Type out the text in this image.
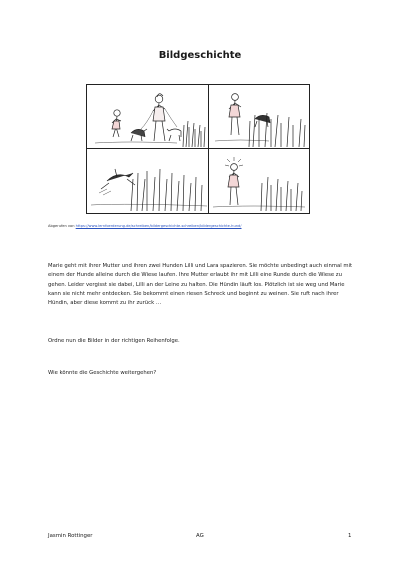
Bildgeschichte
Abgerufen von https://www.lernfoerderung.de/schreiben/bildergeschichte-schreiben/bildergeschichte-hund/

Marie geht mit ihrer Mutter und ihren zwei Hunden Lilli und Lara spazieren. Sie möchte unbedingt auch einmal mit einem der Hunde alleine durch die Wiese laufen. Ihre Mutter erlaubt ihr mit Lilli eine Runde durch die Wiese zu gehen. Leider vergisst sie dabei, Lilli an der Leine zu halten. Die Hündin läuft los. Plötzlich ist sie weg und Marie kann sie nicht mehr entdecken. Sie bekommt einen riesen Schreck und beginnt zu weinen. Sie ruft nach ihrer Hündin, aber diese kommt zu ihr zurück …

Ordne nun die Bilder in der richtigen Reihenfolge.

Wie könnte die Geschichte weitergehen?

Jasmin Rottinger	AG	1
